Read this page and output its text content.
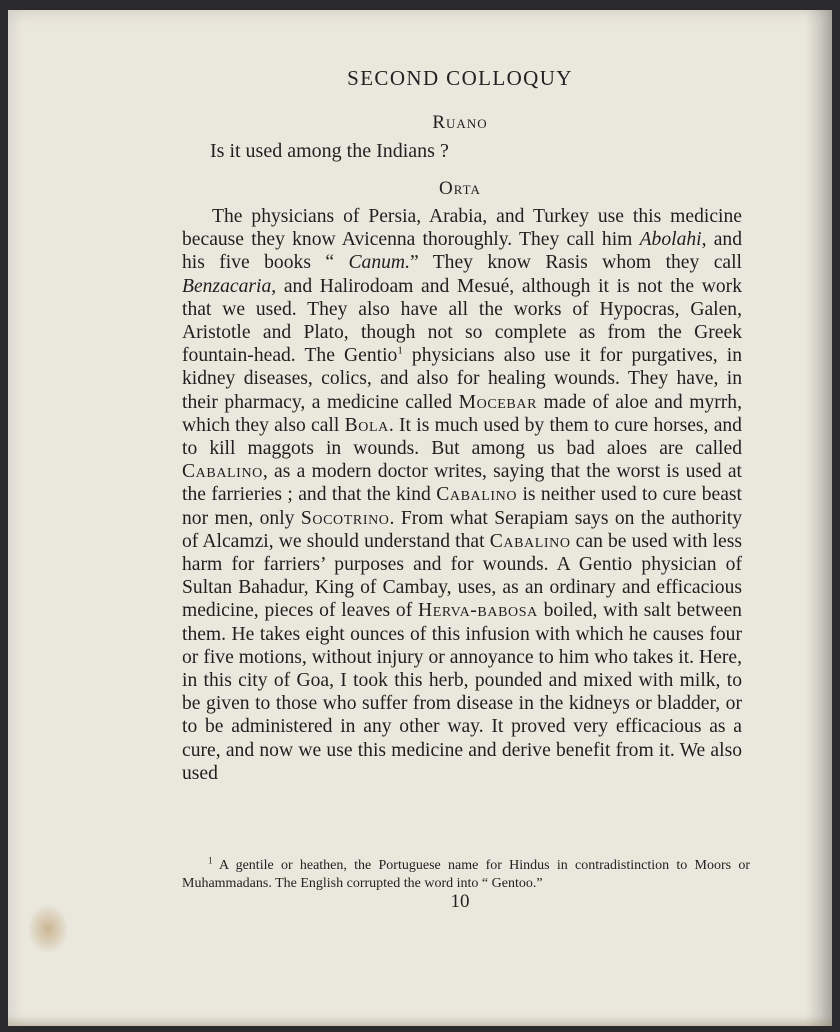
SECOND COLLOQUY
Ruano
Is it used among the Indians ?
Orta

The physicians of Persia, Arabia, and Turkey use this medicine because they know Avicenna thoroughly. They call him Abolahi, and his five books “ Canum.” They know Rasis whom they call Benzacaria, and Halirodoam and Mesué, although it is not the work that we used. They also have all the works of Hypocras, Galen, Aristotle and Plato, though not so complete as from the Greek fountain-head. The Gentio$^1$ physicians also use it for purgatives, in kidney diseases, colics, and also for healing wounds. They have, in their pharmacy, a medicine called Mocebar made of aloe and myrrh, which they also call Bola. It is much used by them to cure horses, and to kill maggots in wounds. But among us bad aloes are called Cabalino, as a modern doctor writes, saying that the worst is used at the farrieries ; and that the kind Cabalino is neither used to cure beast nor men, only Socotrino. From what Serapiam says on the authority of Alcamzi, we should understand that Cabalino can be used with less harm for farriers’ purposes and for wounds. A Gentio physician of Sultan Bahadur, King of Cambay, uses, as an ordinary and efficacious medicine, pieces of leaves of Herva-babosa boiled, with salt between them. He takes eight ounces of this infusion with which he causes four or five motions, without injury or annoyance to him who takes it. Here, in this city of Goa, I took this herb, pounded and mixed with milk, to be given to those who suffer from disease in the kidneys or bladder, or to be administered in any other way. It proved very efficacious as a cure, and now we use this medicine and derive benefit from it. We also used

$^1$ A gentile or heathen, the Portuguese name for Hindus in contradistinction to Moors or Muhammadans. The English corrupted the word into “ Gentoo.”

10
